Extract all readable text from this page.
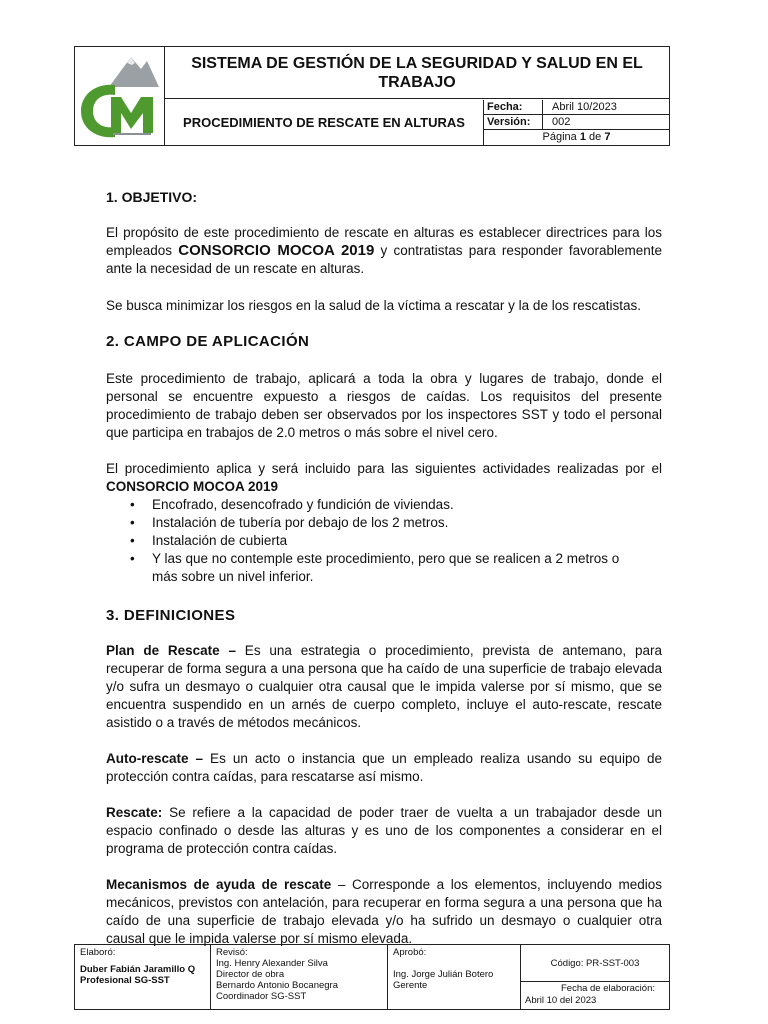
SISTEMA DE GESTIÓN DE LA SEGURIDAD Y SALUD EN EL TRABAJO
PROCEDIMIENTO DE RESCATE EN ALTURAS
Fecha:	Abril 10/2023
Versión: 002
Página 1 de 7
1. OBJETIVO:

El propósito de este procedimiento de rescate en alturas es establecer directrices para los empleados CONSORCIO MOCOA 2019 y contratistas para responder favorablemente ante la necesidad de un rescate en alturas.

Se busca minimizar los riesgos en la salud de la víctima a rescatar y la de los rescatistas.

2. CAMPO DE APLICACIÓN

Este procedimiento de trabajo, aplicará a toda la obra y lugares de trabajo, donde el personal se encuentre expuesto a riesgos de caídas. Los requisitos del presente procedimiento de trabajo deben ser observados por los inspectores SST y todo el personal que participa en trabajos de 2.0 metros o más sobre el nivel cero.

El procedimiento aplica y será incluido para las siguientes actividades realizadas por el CONSORCIO MOCOA 2019

• Encofrado, desencofrado y fundición de viviendas.
• Instalación de tubería por debajo de los 2 metros.
• Instalación de cubierta
• Y las que no contemple este procedimiento, pero que se realicen a 2 metros o más sobre un nivel inferior.
3. DEFINICIONES

Plan de Rescate – Es una estrategia o procedimiento, prevista de antemano, para recuperar de forma segura a una persona que ha caído de una superficie de trabajo elevada y/o sufra un desmayo o cualquier otra causal que le impida valerse por sí mismo, que se encuentra suspendido en un arnés de cuerpo completo, incluye el auto-rescate, rescate asistido o a través de métodos mecánicos.

Auto-rescate – Es un acto o instancia que un empleado realiza usando su equipo de protección contra caídas, para rescatarse así mismo.

Rescate: Se refiere a la capacidad de poder traer de vuelta a un trabajador desde un espacio confinado o desde las alturas y es uno de los componentes a considerar en el programa de protección contra caídas.

Mecanismos de ayuda de rescate – Corresponde a los elementos, incluyendo medios mecánicos, previstos con antelación, para recuperar en forma segura a una persona que ha caído de una superficie de trabajo elevada y/o ha sufrido un desmayo o cualquier otra causal que le impida valerse por sí mismo elevada.

Elaboró:
Duber Fabián Jaramillo Q
Profesional SG-SST
Revisó:
Ing. Henry Alexander Silva
Director de obra
Bernardo Antonio Bocanegra
Coordinador SG-SST
Aprobó:
Ing. Jorge Julián Botero
Gerente
Código: PR-SST-003
Fecha de elaboración:
Abril 10 del 2023
